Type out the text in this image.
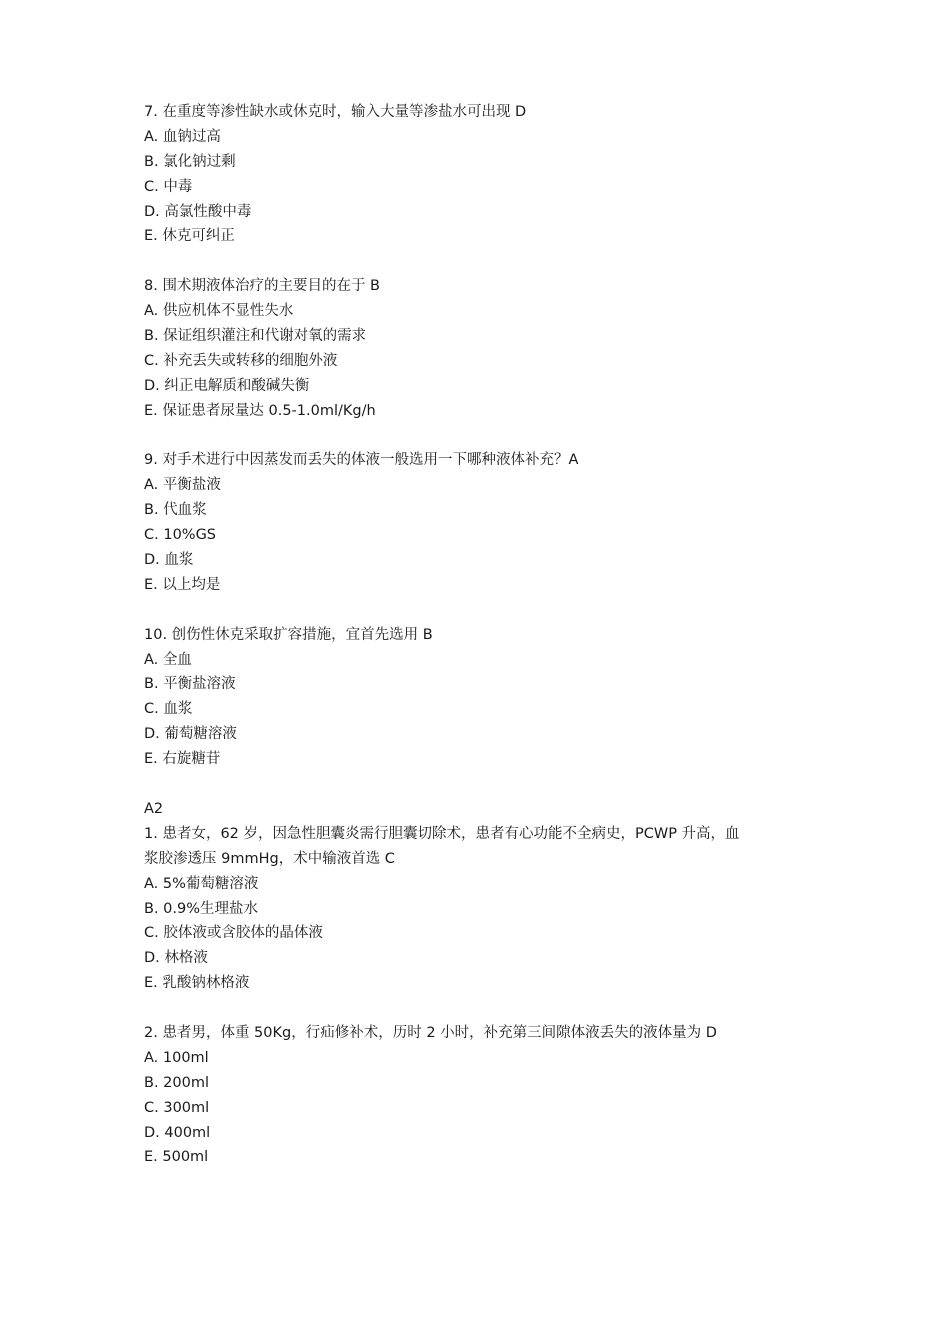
7. 在重度等渗性缺水或休克时，输入大量等渗盐水可出现 D
A. 血钠过高
B. 氯化钠过剩
C. 中毒
D. 高氯性酸中毒
E. 休克可纠正
8. 围术期液体治疗的主要目的在于 B
A. 供应机体不显性失水
B. 保证组织灌注和代谢对氧的需求
C. 补充丢失或转移的细胞外液
D. 纠正电解质和酸碱失衡
E. 保证患者尿量达 0.5-1.0ml/Kg/h
9. 对手术进行中因蒸发而丢失的体液一般选用一下哪种液体补充？A
A. 平衡盐液
B. 代血浆
C. 10%GS
D. 血浆
E. 以上均是
10. 创伤性休克采取扩容措施，宜首先选用 B
A. 全血
B. 平衡盐溶液
C. 血浆
D. 葡萄糖溶液
E. 右旋糖苷
A2
1. 患者女，62 岁，因急性胆囊炎需行胆囊切除术，患者有心功能不全病史，PCWP 升高，血
浆胶渗透压 9mmHg，术中输液首选 C
A. 5%葡萄糖溶液
B. 0.9%生理盐水
C. 胶体液或含胶体的晶体液
D. 林格液
E. 乳酸钠林格液
2. 患者男，体重 50Kg，行疝修补术，历时 2 小时，补充第三间隙体液丢失的液体量为 D
A. 100ml
B. 200ml
C. 300ml
D. 400ml
E. 500ml
